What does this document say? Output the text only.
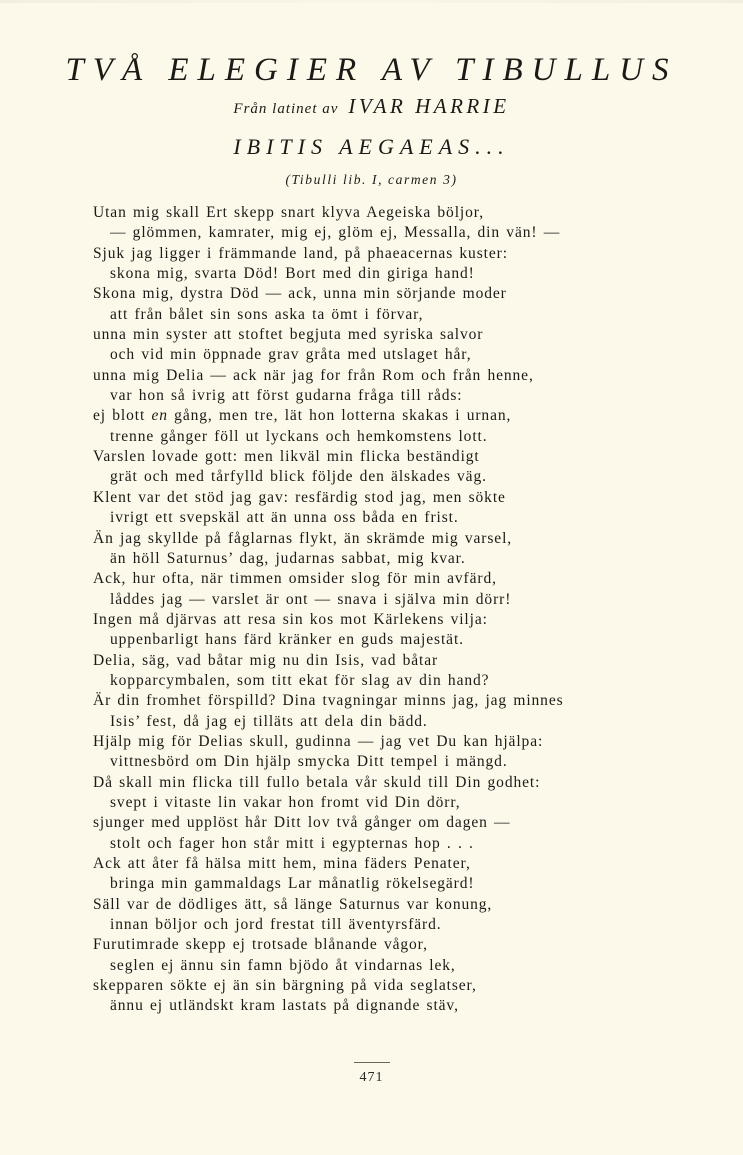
TVÅ ELEGIER AV TIBULLUS
Från latinet av IVAR HARRIE
IBITIS AEGAEAS...
(Tibulli lib. I, carmen 3)
Utan mig skall Ert skepp snart klyva Aegeiska böljor,
— glömmen, kamrater, mig ej, glöm ej, Messalla, din vän! —
Sjuk jag ligger i främmande land, på phaeacernas kuster:
skona mig, svarta Död! Bort med din giriga hand!
Skona mig, dystra Död — ack, unna min sörjande moder
att från bålet sin sons aska ta ömt i förvar,
unna min syster att stoftet begjuta med syriska salvor
och vid min öppnade grav gråta med utslaget hår,
unna mig Delia — ack när jag for från Rom och från henne,
var hon så ivrig att först gudarna fråga till råds:
ej blott en gång, men tre, lät hon lotterna skakas i urnan,
trenne gånger föll ut lyckans och hemkomstens lott.
Varslen lovade gott: men likväl min flicka beständigt
grät och med tårfylld blick följde den älskades väg.
Klent var det stöd jag gav: resfärdig stod jag, men sökte
ivrigt ett svepskäl att än unna oss båda en frist.
Än jag skyllde på fåglarnas flykt, än skrämde mig varsel,
än höll Saturnus’ dag, judarnas sabbat, mig kvar.
Ack, hur ofta, när timmen omsider slog för min avfärd,
låddes jag — varslet är ont — snava i själva min dörr!
Ingen må djärvas att resa sin kos mot Kärlekens vilja:
uppenbarligt hans färd kränker en guds majestät.
Delia, säg, vad båtar mig nu din Isis, vad båtar
kopparcymbalen, som titt ekat för slag av din hand?
Är din fromhet förspilld? Dina tvagningar minns jag, jag minnes
Isis’ fest, då jag ej tilläts att dela din bädd.
Hjälp mig för Delias skull, gudinna — jag vet Du kan hjälpa:
vittnesbörd om Din hjälp smycka Ditt tempel i mängd.
Då skall min flicka till fullo betala vår skuld till Din godhet:
svept i vitaste lin vakar hon fromt vid Din dörr,
sjunger med upplöst hår Ditt lov två gånger om dagen —
stolt och fager hon står mitt i egypternas hop . . .
Ack att åter få hälsa mitt hem, mina fäders Penater,
bringa min gammaldags Lar månatlig rökelsegärd!
Säll var de dödliges ätt, så länge Saturnus var konung,
innan böljor och jord frestat till äventyrsfärd.
Furutimrade skepp ej trotsade blånande vågor,
seglen ej ännu sin famn bjödo åt vindarnas lek,
skepparen sökte ej än sin bärgning på vida seglatser,
ännu ej utländskt kram lastats på dignande stäv,
471
